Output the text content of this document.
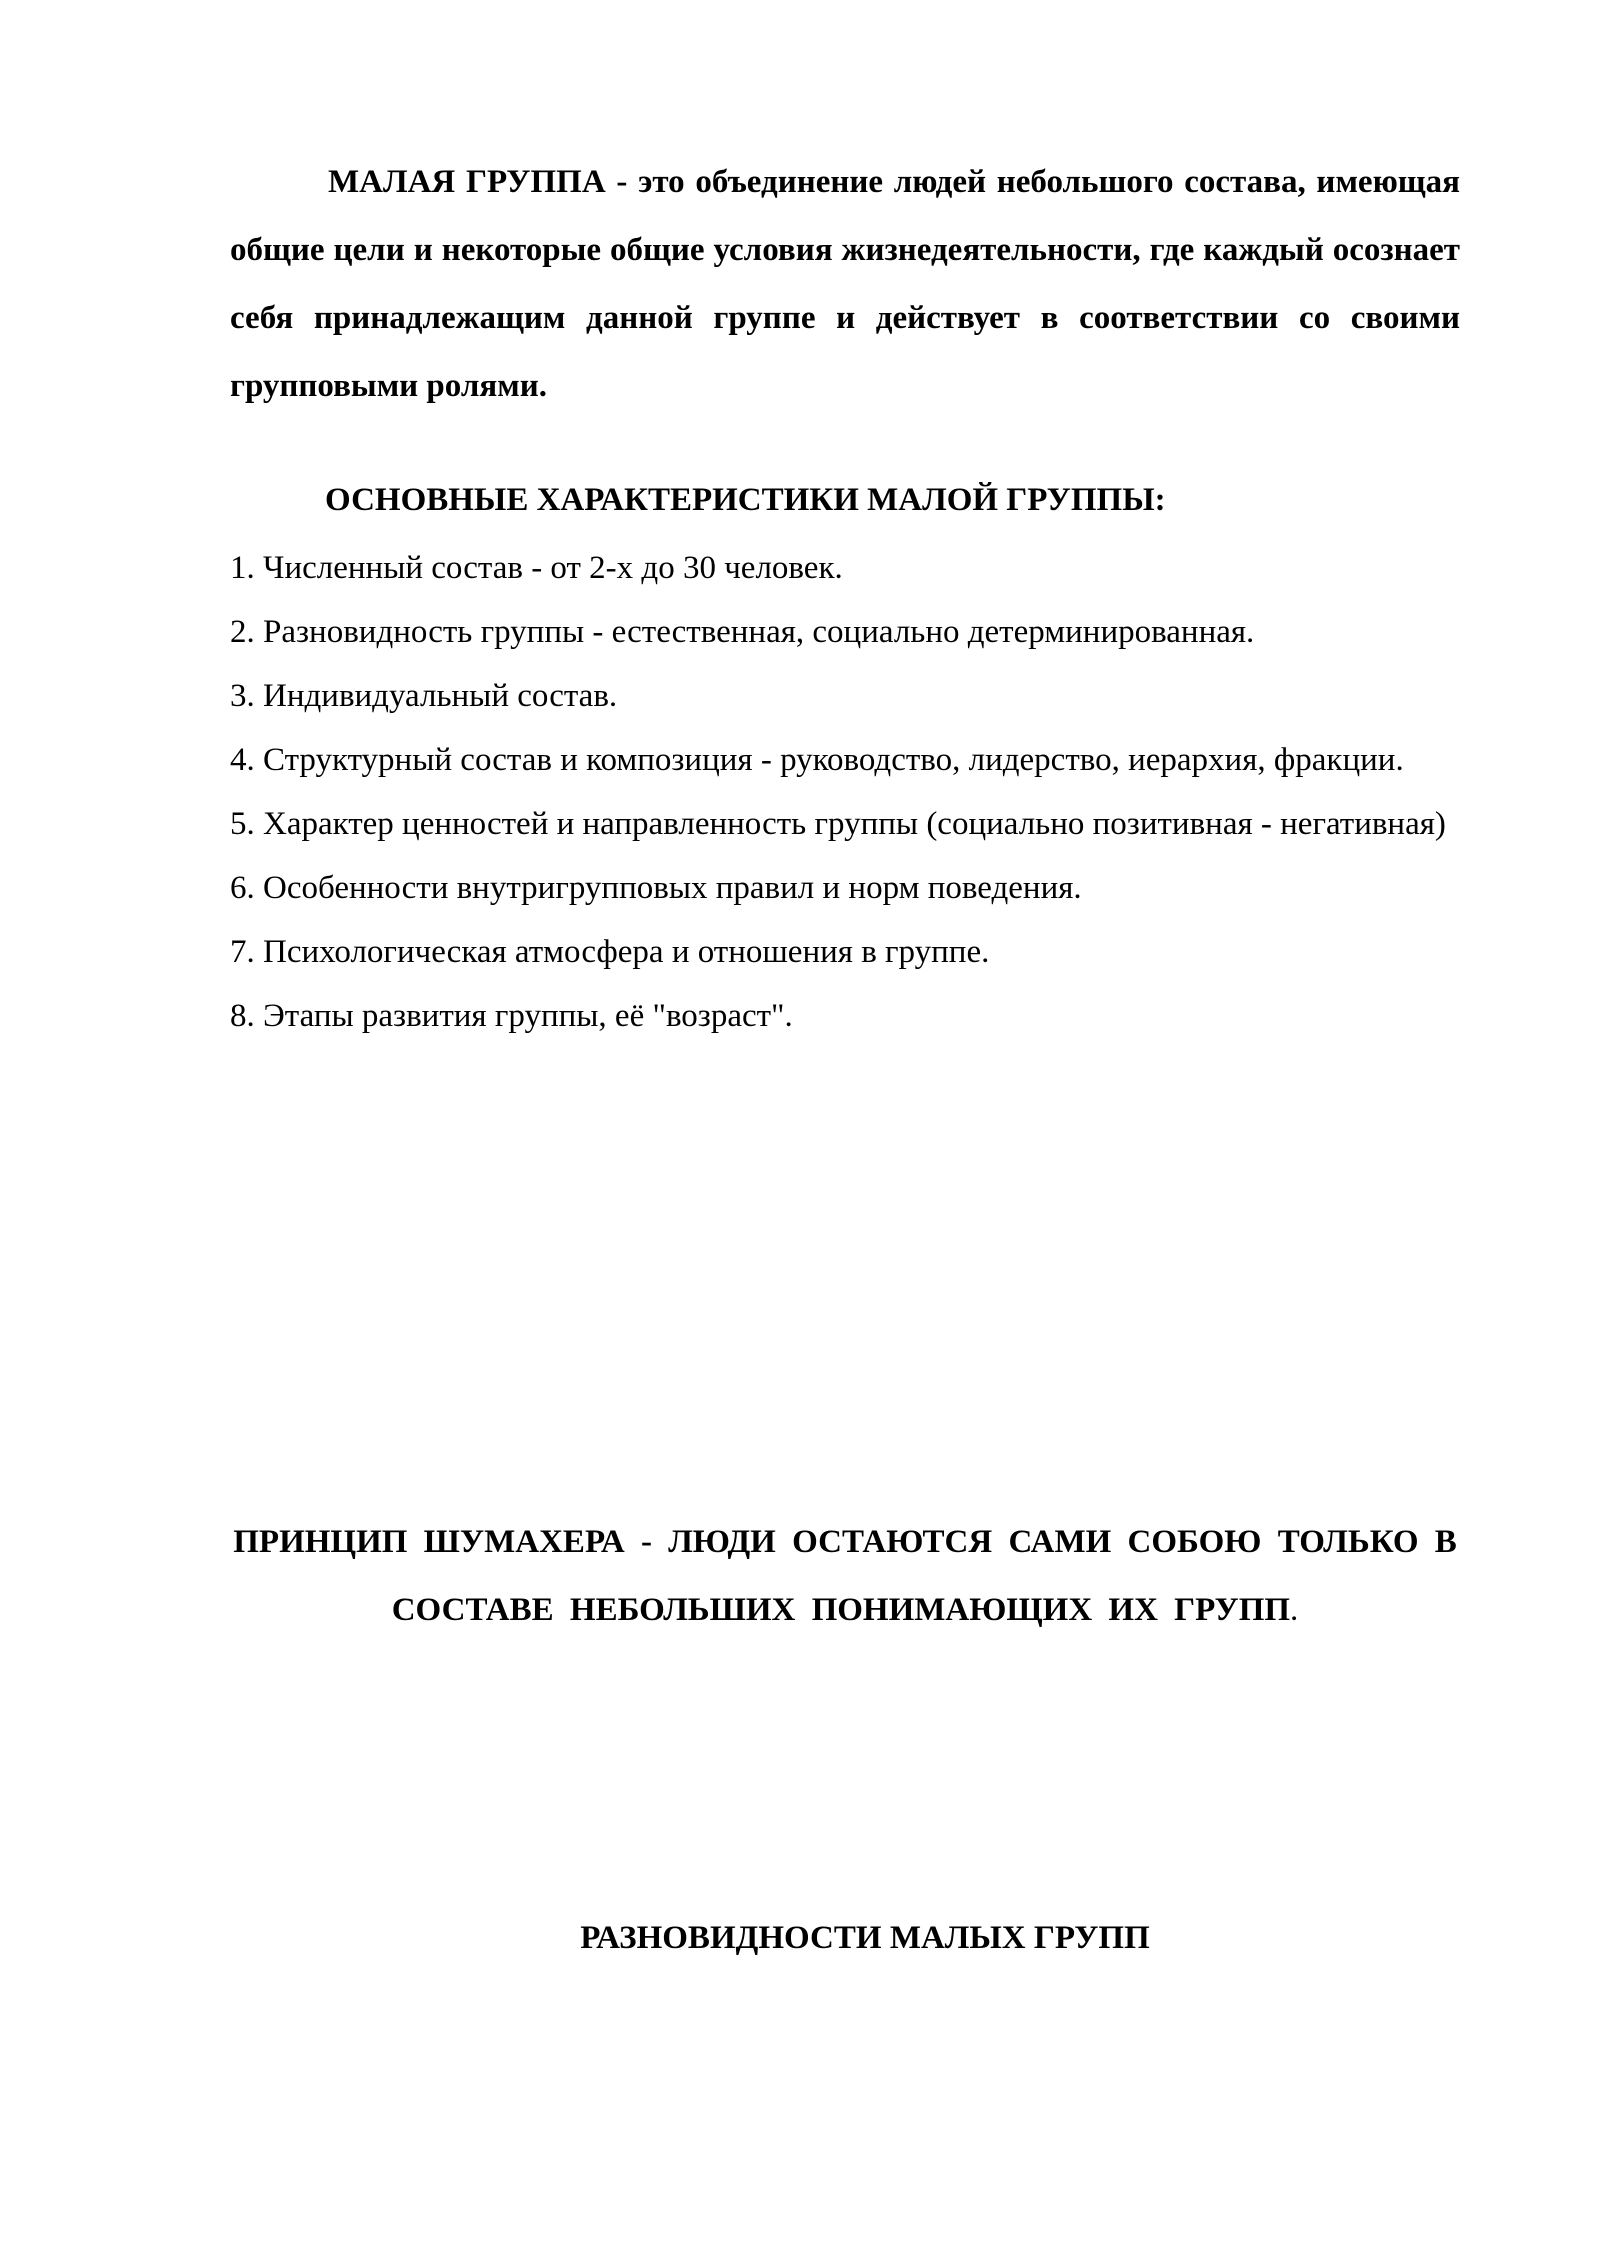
МАЛАЯ ГРУППА - это объединение людей небольшого состава, имеющая общие цели и некоторые общие условия жизнедеятельности, где каждый осознает себя принадлежащим данной группе и действует в соответствии со своими групповыми ролями.

ОСНОВНЫЕ ХАРАКТЕРИСТИКИ МАЛОЙ ГРУППЫ:
1. Численный состав - от 2-х до 30 человек.
2. Разновидность группы - естественная, социально детерминированная.
3. Индивидуальный состав.
4. Структурный состав и композиция - руководство, лидерство, иерархия, фракции.
5. Характер ценностей и направленность группы (социально позитивная - негативная)
6. Особенности внутригрупповых правил и норм поведения.
7. Психологическая атмосфера и отношения в группе.
8. Этапы развития группы, её "возраст".

ПРИНЦИП ШУМАХЕРА - ЛЮДИ ОСТАЮТСЯ САМИ СОБОЮ ТОЛЬКО В СОСТАВЕ НЕБОЛЬШИХ ПОНИМАЮЩИХ ИХ ГРУПП.

РАЗНОВИДНОСТИ МАЛЫХ ГРУПП
